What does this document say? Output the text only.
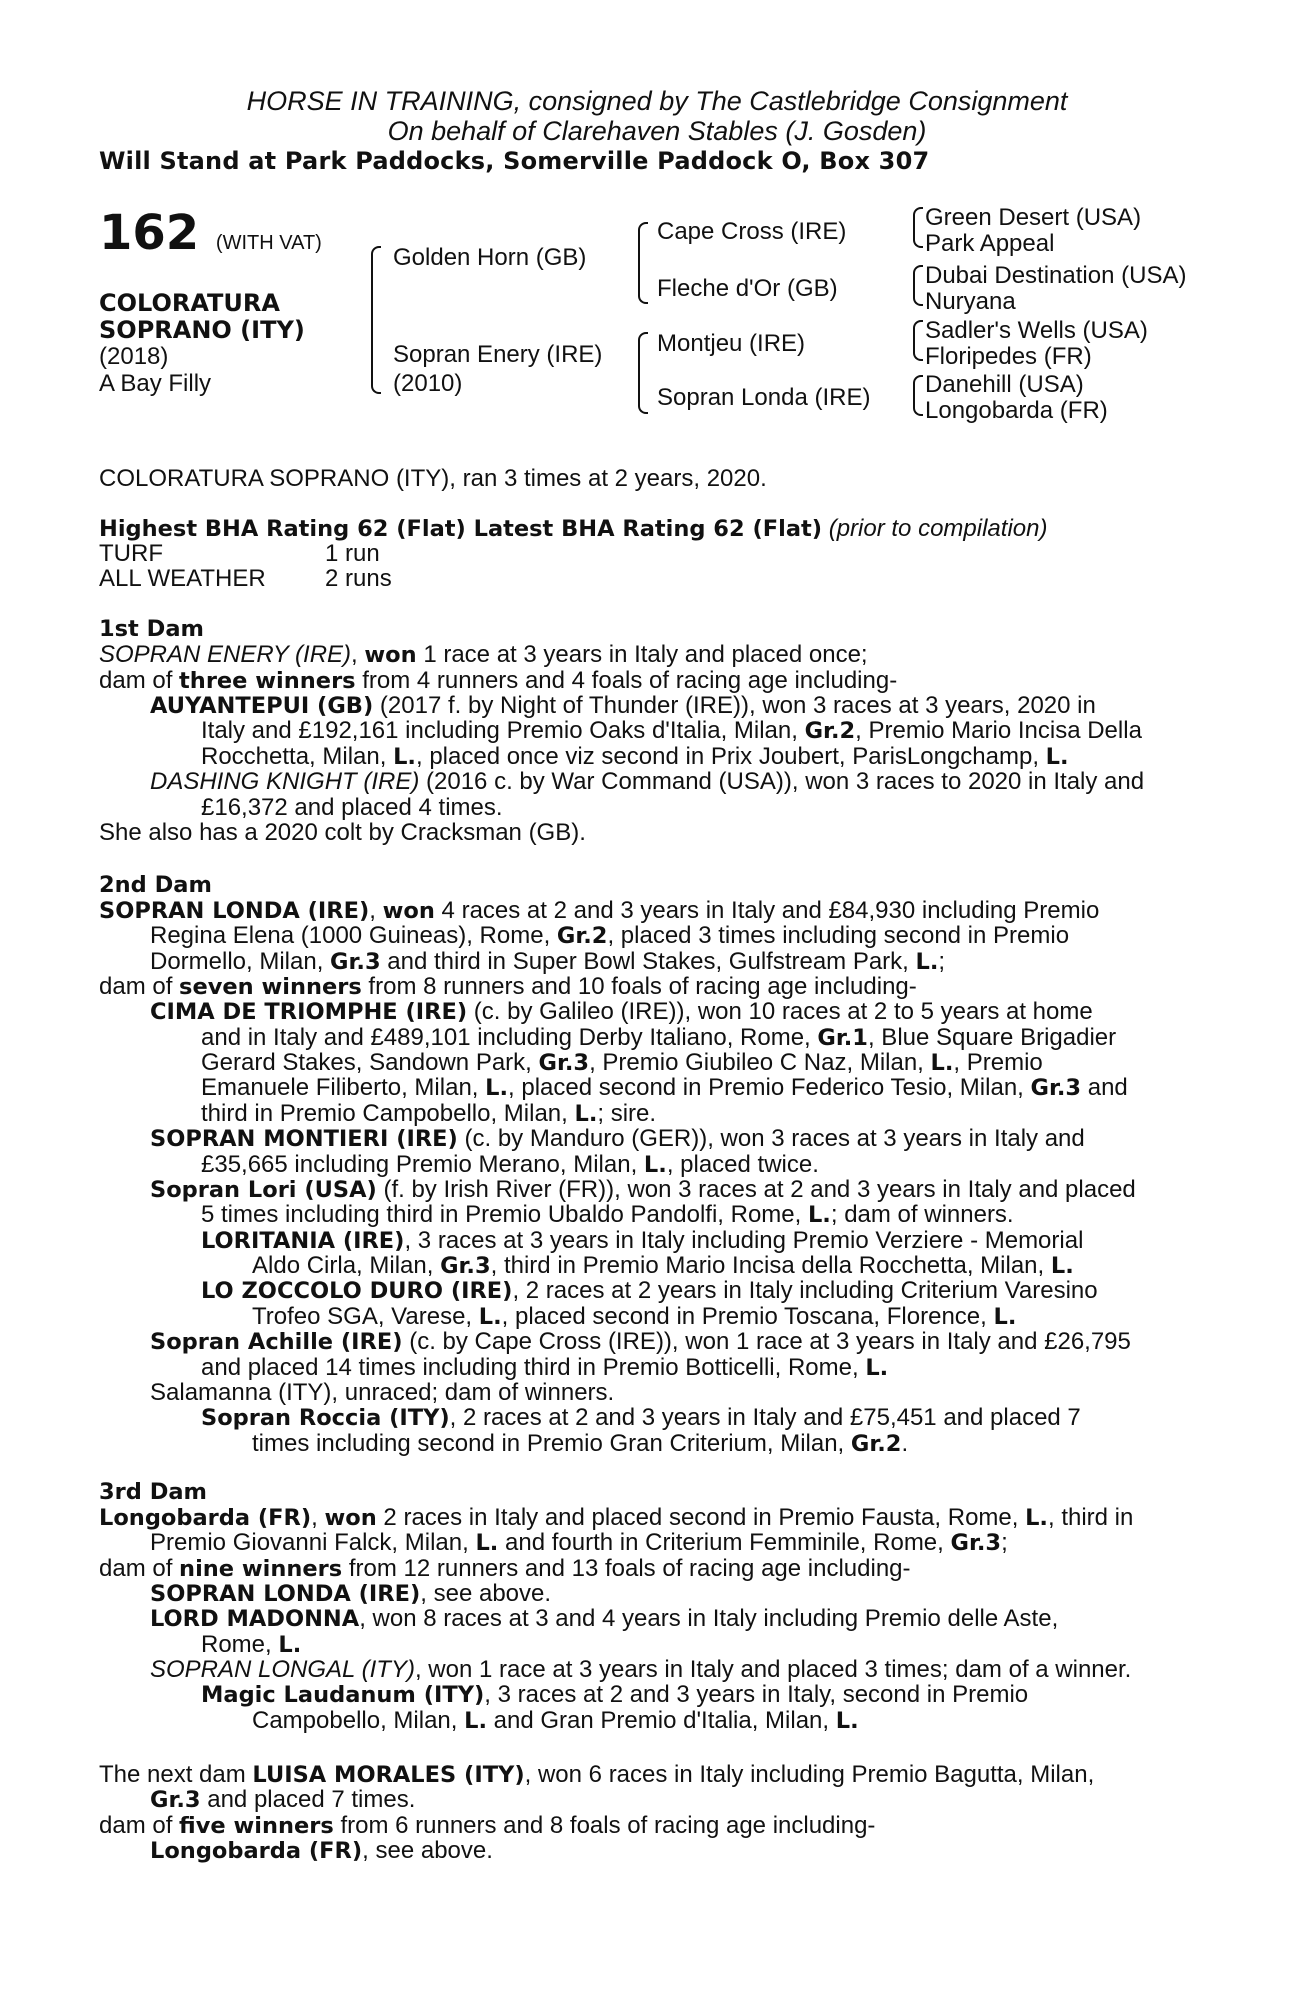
HORSE IN TRAINING, consigned by The Castlebridge Consignment
On behalf of Clarehaven Stables (J. Gosden)
Will Stand at Park Paddocks, Somerville Paddock O, Box 307
162 (WITH VAT)
COLORATURA
SOPRANO (ITY)
(2018)
A Bay Filly
Golden Horn (GB)
Sopran Enery (IRE)
(2010)
Cape Cross (IRE)
Fleche d'Or (GB)
Montjeu (IRE)
Sopran Londa (IRE)
Green Desert (USA)
Park Appeal
Dubai Destination (USA)
Nuryana
Sadler's Wells (USA)
Floripedes (FR)
Danehill (USA)
Longobarda (FR)
COLORATURA SOPRANO (ITY), ran 3 times at 2 years, 2020.
Highest BHA Rating 62 (Flat) Latest BHA Rating 62 (Flat) (prior to compilation)
TURF	1 run
ALL WEATHER 2 runs
1st Dam
SOPRAN ENERY (IRE), won 1 race at 3 years in Italy and placed once;
dam of three winners from 4 runners and 4 foals of racing age including-
AUYANTEPUI (GB) (2017 f. by Night of Thunder (IRE)), won 3 races at 3 years, 2020 in
Italy and £192,161 including Premio Oaks d'Italia, Milan, Gr.2, Premio Mario Incisa Della
Rocchetta, Milan, L., placed once viz second in Prix Joubert, ParisLongchamp, L.
DASHING KNIGHT (IRE) (2016 c. by War Command (USA)), won 3 races to 2020 in Italy and
£16,372 and placed 4 times.
She also has a 2020 colt by Cracksman (GB).
2nd Dam
SOPRAN LONDA (IRE), won 4 races at 2 and 3 years in Italy and £84,930 including Premio
Regina Elena (1000 Guineas), Rome, Gr.2, placed 3 times including second in Premio
Dormello, Milan, Gr.3 and third in Super Bowl Stakes, Gulfstream Park, L.;
dam of seven winners from 8 runners and 10 foals of racing age including-
CIMA DE TRIOMPHE (IRE) (c. by Galileo (IRE)), won 10 races at 2 to 5 years at home
and in Italy and £489,101 including Derby Italiano, Rome, Gr.1, Blue Square Brigadier
Gerard Stakes, Sandown Park, Gr.3, Premio Giubileo C Naz, Milan, L., Premio
Emanuele Filiberto, Milan, L., placed second in Premio Federico Tesio, Milan, Gr.3 and
third in Premio Campobello, Milan, L.; sire.
SOPRAN MONTIERI (IRE) (c. by Manduro (GER)), won 3 races at 3 years in Italy and
£35,665 including Premio Merano, Milan, L., placed twice.
Sopran Lori (USA) (f. by Irish River (FR)), won 3 races at 2 and 3 years in Italy and placed
5 times including third in Premio Ubaldo Pandolfi, Rome, L.; dam of winners.
LORITANIA (IRE), 3 races at 3 years in Italy including Premio Verziere - Memorial
Aldo Cirla, Milan, Gr.3, third in Premio Mario Incisa della Rocchetta, Milan, L.
LO ZOCCOLO DURO (IRE), 2 races at 2 years in Italy including Criterium Varesino
Trofeo SGA, Varese, L., placed second in Premio Toscana, Florence, L.
Sopran Achille (IRE) (c. by Cape Cross (IRE)), won 1 race at 3 years in Italy and £26,795
and placed 14 times including third in Premio Botticelli, Rome, L.
Salamanna (ITY), unraced; dam of winners.
Sopran Roccia (ITY), 2 races at 2 and 3 years in Italy and £75,451 and placed 7
times including second in Premio Gran Criterium, Milan, Gr.2.
3rd Dam
Longobarda (FR), won 2 races in Italy and placed second in Premio Fausta, Rome, L., third in
Premio Giovanni Falck, Milan, L. and fourth in Criterium Femminile, Rome, Gr.3;
dam of nine winners from 12 runners and 13 foals of racing age including-
SOPRAN LONDA (IRE), see above.
LORD MADONNA, won 8 races at 3 and 4 years in Italy including Premio delle Aste,
Rome, L.
SOPRAN LONGAL (ITY), won 1 race at 3 years in Italy and placed 3 times; dam of a winner.
Magic Laudanum (ITY), 3 races at 2 and 3 years in Italy, second in Premio
Campobello, Milan, L. and Gran Premio d'Italia, Milan, L.
The next dam LUISA MORALES (ITY), won 6 races in Italy including Premio Bagutta, Milan,
Gr.3 and placed 7 times.
dam of five winners from 6 runners and 8 foals of racing age including-
Longobarda (FR), see above.
